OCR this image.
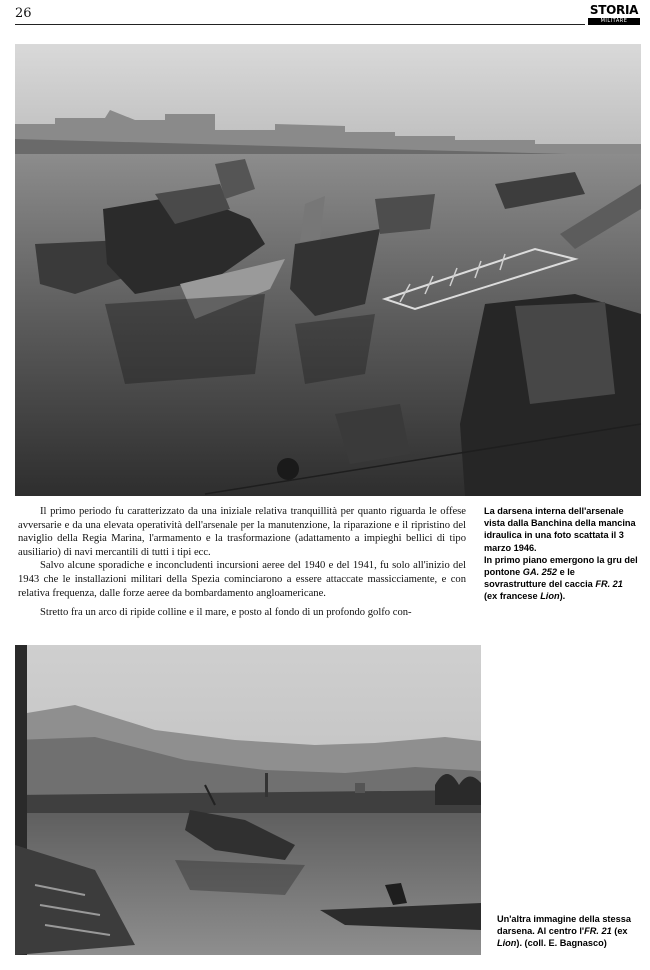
26	STORIA
MILITARE

Il primo periodo fu caratterizzato da una iniziale relativa tranquillità per quanto riguarda le offese avversarie e da una elevata operatività dell'arsenale per la manutenzione, la riparazione e il ripristino del naviglio della Regia Marina, l'armamento e la trasformazione (adattamento a impieghi bellici di tipo ausiliario) di navi mercantili di tutti i tipi ecc.

Salvo alcune sporadiche e inconcludenti incursioni aeree del 1940 e del 1941, fu solo all'inizio del 1943 che le installazioni militari della Spezia cominciarono a essere attaccate massicciamente, e con relativa frequenza, dalle forze aeree da bombardamento angloamericane.

Stretto fra un arco di ripide colline e il mare, e posto al fondo di un profondo golfo con-

La darsena interna dell'arsenale vista dalla Banchina della mancina idraulica in una foto scattata il 3 marzo 1946.

In primo piano emergono la gru del pontone GA. 252 e le sovrastrutture del caccia FR. 21 (ex francese Lion).

Un'altra immagine della stessa darsena. Al centro l'FR. 21 (ex Lion). (coll. E. Bagnasco)
